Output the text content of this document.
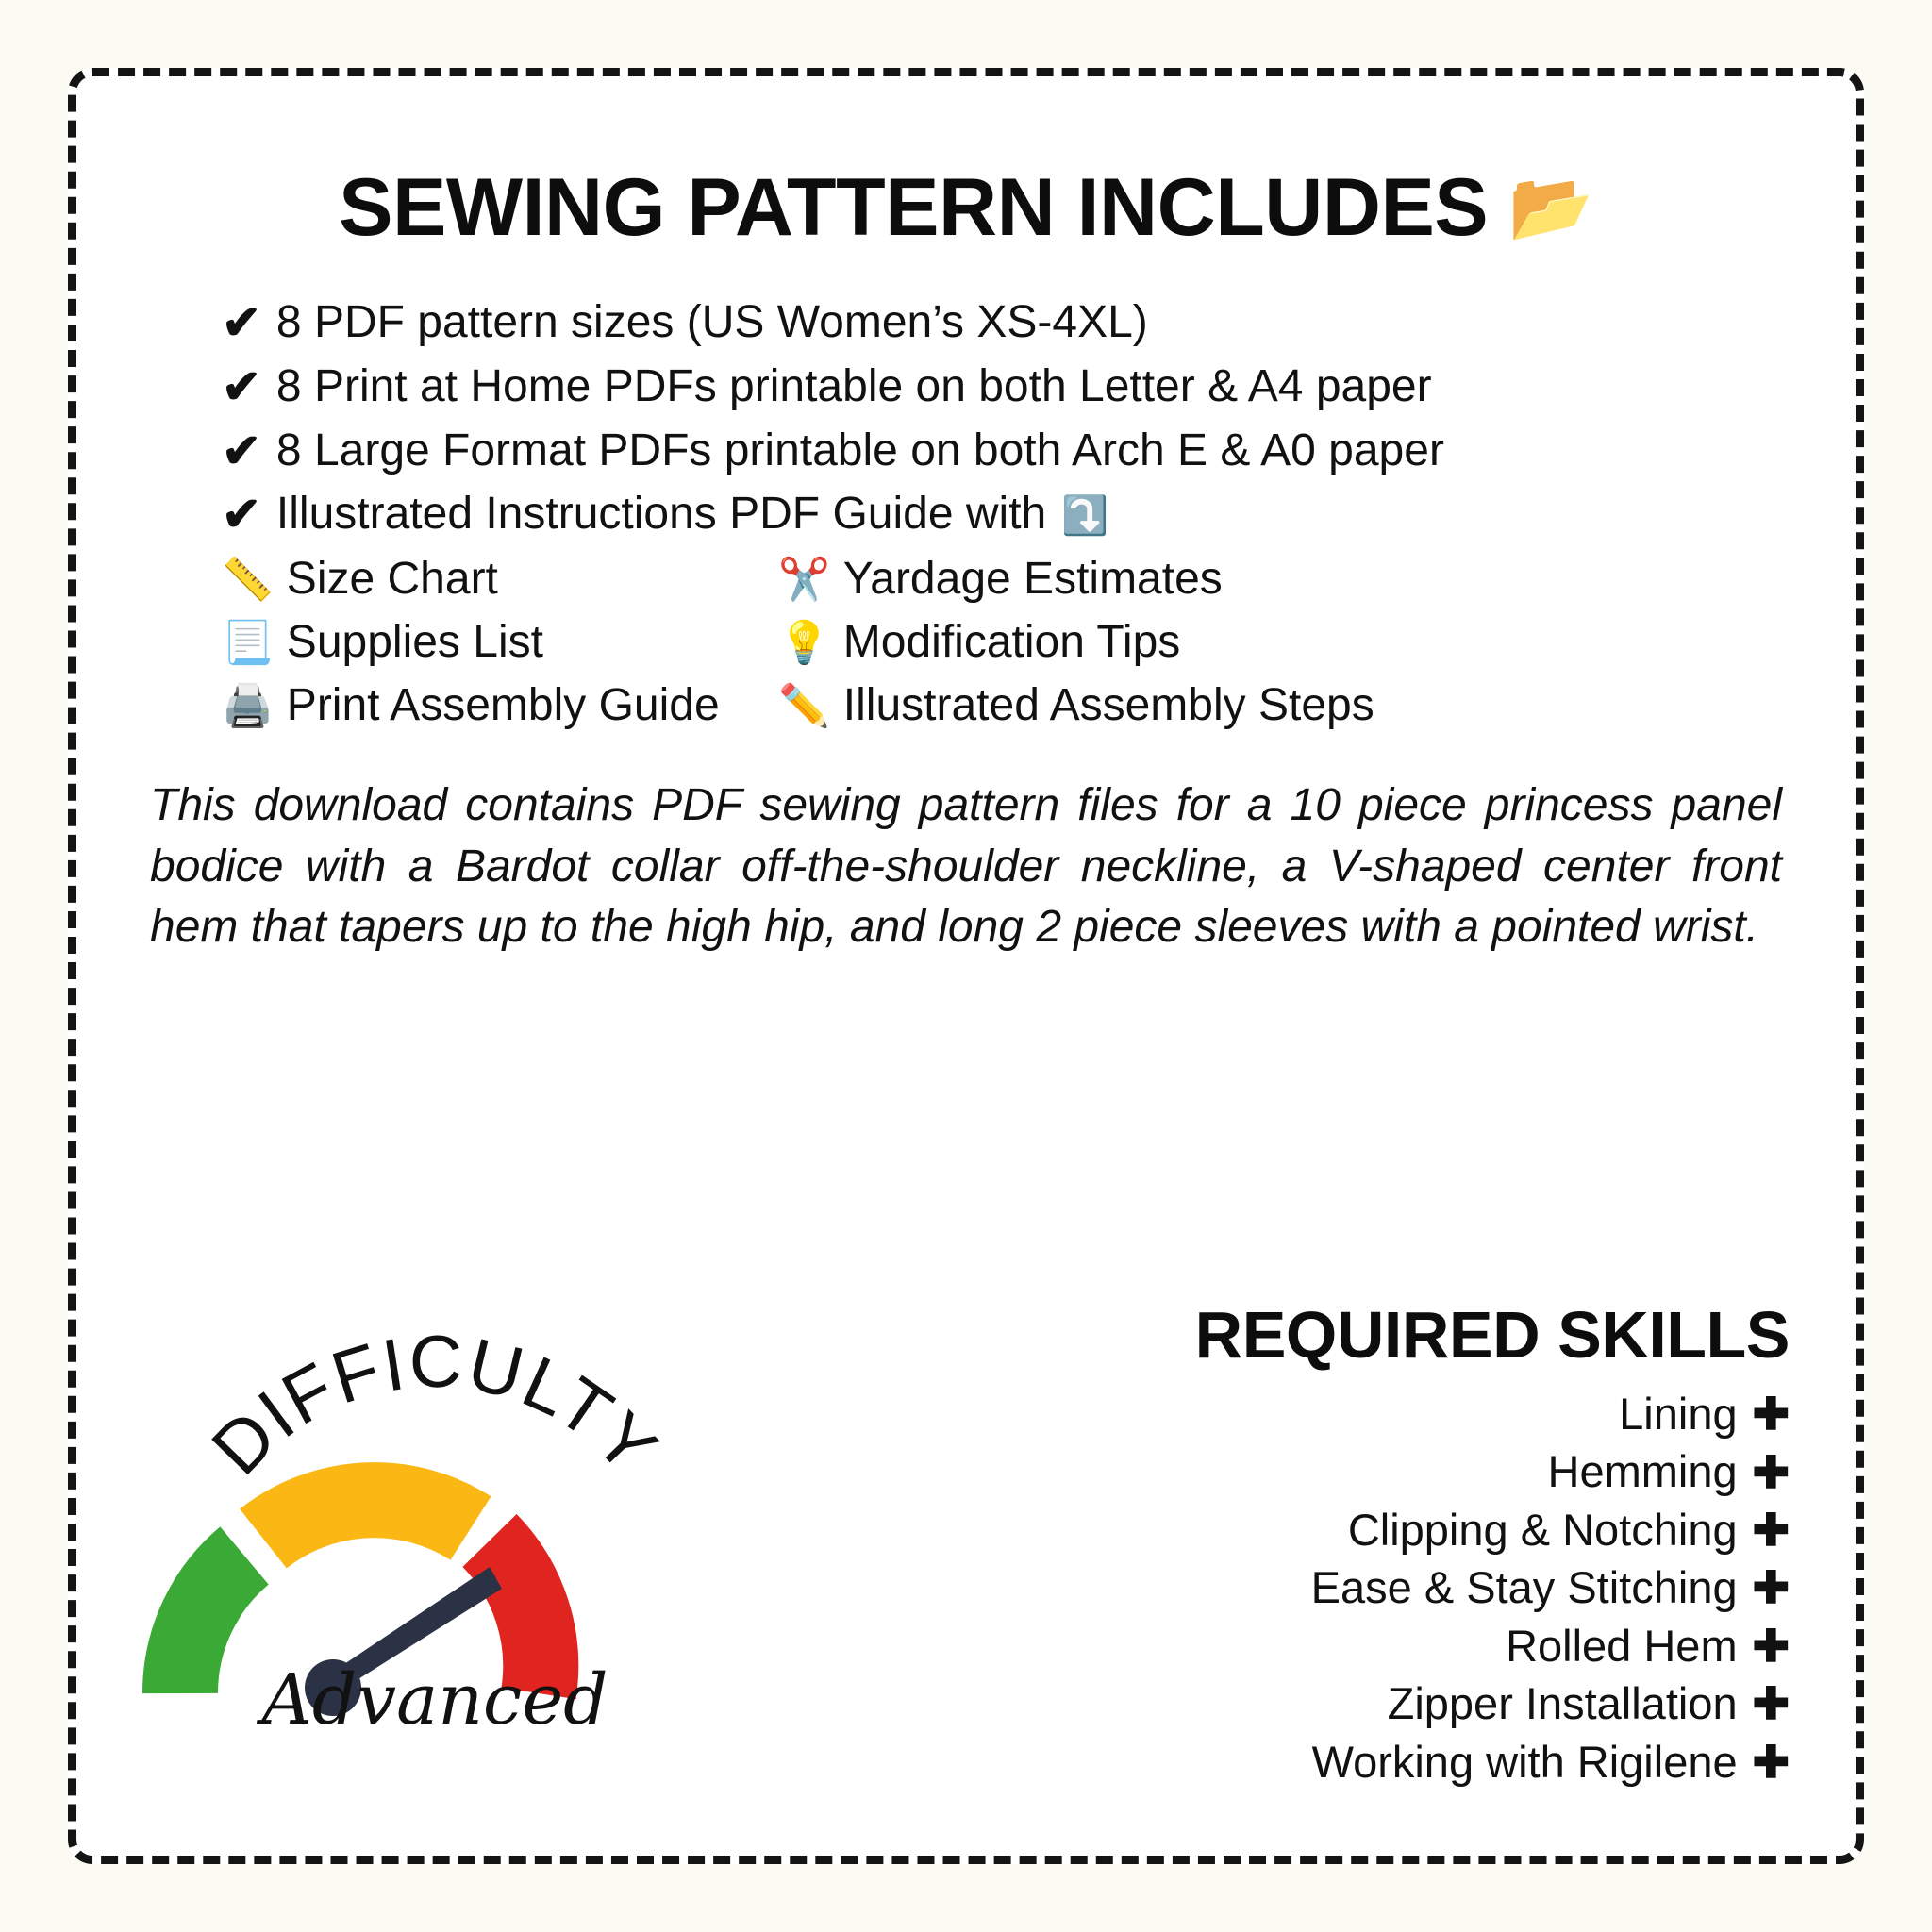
SEWING PATTERN INCLUDES 📂
✔ 8 PDF pattern sizes (US Women’s XS-4XL)
✔ 8 Print at Home PDFs printable on both Letter & A4 paper
✔ 8 Large Format PDFs printable on both Arch E & A0 paper
✔ Illustrated Instructions PDF Guide with ⤵️
📏 Size Chart	✂️ Yardage Estimates
📃 Supplies List	💡 Modification Tips
🖨️ Print Assembly Guide ✏️ Illustrated Assembly Steps
This download contains PDF sewing pattern files for a 10 piece princess panel bodice with a Bardot collar off-the-shoulder neckline, a V-shaped center front hem that tapers up to the high hip, and long 2 piece sleeves with a pointed wrist.
DIFFICULTY
Advanced
REQUIRED SKILLS
Lining ✚
Hemming ✚
Clipping & Notching ✚
Ease & Stay Stitching ✚
Rolled Hem ✚
Zipper Installation ✚
Working with Rigilene ✚
